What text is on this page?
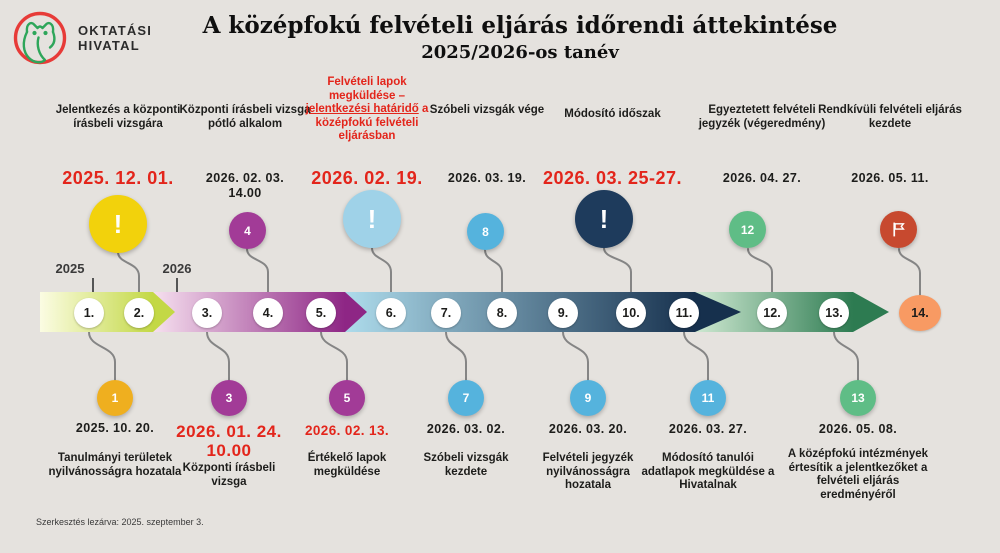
OKTATÁSI
HIVATAL
A középfokú felvételi eljárás időrendi áttekintése
2025/2026-os tanév
Jelentkezés a központi írásbeli vizsgára
Központi írásbeli vizsga pótló alkalom
Felvételi lapok megküldése – jelentkezési határidő a középfokú felvételi eljárásban
Szóbeli vizsgák vége	Módosító időszak	Egyeztetett felvételi jegyzék (végeredmény)
Rendkívüli felvételi eljárás kezdete
2025. 12. 01.	2026. 02. 03.
14.00
2026. 02. 19.	2026. 03. 19. 2026. 03. 25-27.	2026. 04. 27.	2026. 05. 11.
!	4	!	8	!	12
2025	2026
1.	2.	3.	4.	5.	6.	7.	8.	9.	10.	11.	12.	13.	14.
1	3	5	7	9	11	13
2025. 10. 20.	2026. 01. 24.
10.00
2026. 02. 13.	2026. 03. 02.	2026. 03. 20.	2026. 03. 27.	2026. 05. 08.
Tanulmányi területek nyilvánosságra hozatala Központi írásbeli vizsga
Értékelő lapok megküldése
Szóbeli vizsgák kezdete
Felvételi jegyzék nyilvánosságra hozatala
Módosító tanulói adatlapok megküldése a Hivatalnak
A középfokú intézmények értesítik a jelentkezőket a felvételi eljárás eredményéről
Szerkesztés lezárva: 2025. szeptember 3.
